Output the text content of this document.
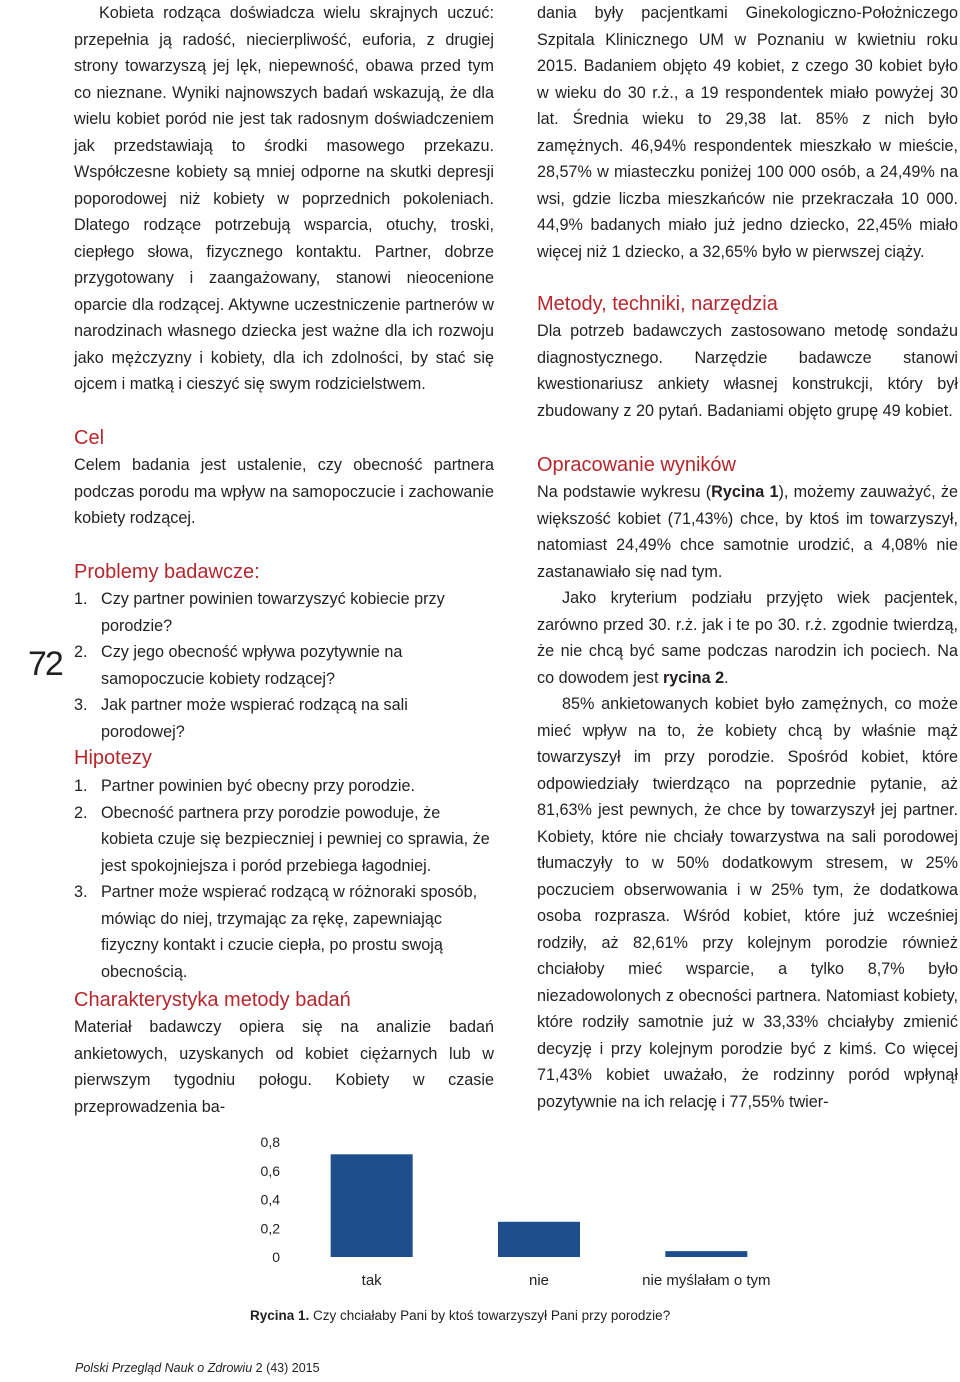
72

Kobieta rodząca doświadcza wielu skrajnych uczuć: przepełnia ją radość, niecierpliwość, euforia, z drugiej strony towarzyszą jej lęk, niepewność, obawa przed tym co nieznane. Wyniki najnowszych badań wskazują, że dla wielu kobiet poród nie jest tak radosnym doświadczeniem jak przedstawiają to środki masowego przekazu. Współczesne kobiety są mniej odporne na skutki depresji poporodowej niż kobiety w poprzednich pokoleniach. Dlatego rodzące potrzebują wsparcia, otuchy, troski, ciepłego słowa, fizycznego kontaktu. Partner, dobrze przygotowany i zaangażowany, stanowi nieocenione oparcie dla rodzącej. Aktywne uczestniczenie partnerów w narodzinach własnego dziecka jest ważne dla ich rozwoju jako mężczyzny i kobiety, dla ich zdolności, by stać się ojcem i matką i cieszyć się swym rodzicielstwem.

Cel

Celem badania jest ustalenie, czy obecność partnera podczas porodu ma wpływ na samopoczucie i zachowanie kobiety rodzącej.

Problemy badawcze:
1. Czy partner powinien towarzyszyć kobiecie przy porodzie?
2. Czy jego obecność wpływa pozytywnie na samopoczucie kobiety rodzącej?
3. Jak partner może wspierać rodzącą na sali porodowej?
Hipotezy
1. Partner powinien być obecny przy porodzie.
2. Obecność partnera przy porodzie powoduje, że kobieta czuje się bezpieczniej i pewniej co sprawia, że jest spokojniejsza i poród przebiega łagodniej.
3. Partner może wspierać rodzącą w różnoraki sposób, mówiąc do niej, trzymając za rękę, zapewniając fizyczny kontakt i czucie ciepła, po prostu swoją obecnością.
Charakterystyka metody badań

Materiał badawczy opiera się na analizie badań ankietowych, uzyskanych od kobiet ciężarnych lub w pierwszym tygodniu połogu. Kobiety w czasie przeprowadzenia ba-

dania były pacjentkami Ginekologiczno-Położniczego Szpitala Klinicznego UM w Poznaniu w kwietniu roku 2015. Badaniem objęto 49 kobiet, z czego 30 kobiet było w wieku do 30 r.ż., a 19 respondentek miało powyżej 30 lat. Średnia wieku to 29,38 lat. 85% z nich było zamężnych. 46,94% respondentek mieszkało w mieście, 28,57% w miasteczku poniżej 100 000 osób, a 24,49% na wsi, gdzie liczba mieszkańców nie przekraczała 10 000. 44,9% badanych miało już jedno dziecko, 22,45% miało więcej niż 1 dziecko, a 32,65% było w pierwszej ciąży.

Metody, techniki, narzędzia

Dla potrzeb badawczych zastosowano metodę sondażu diagnostycznego. Narzędzie badawcze stanowi kwestionariusz ankiety własnej konstrukcji, który był zbudowany z 20 pytań. Badaniami objęto grupę 49 kobiet.

Opracowanie wyników

Na podstawie wykresu (Rycina 1), możemy zauważyć, że większość kobiet (71,43%) chce, by ktoś im towarzyszył, natomiast 24,49% chce samotnie urodzić, a 4,08% nie zastanawiało się nad tym.

Jako kryterium podziału przyjęto wiek pacjentek, zarówno przed 30. r.ż. jak i te po 30. r.ż. zgodnie twierdzą, że nie chcą być same podczas narodzin ich pociech. Na co dowodem jest rycina 2.

85% ankietowanych kobiet było zamężnych, co może mieć wpływ na to, że kobiety chcą by właśnie mąż towarzyszył im przy porodzie. Spośród kobiet, które odpowiedziały twierdząco na poprzednie pytanie, aż 81,63% jest pewnych, że chce by towarzyszył jej partner. Kobiety, które nie chciały towarzystwa na sali porodowej tłumaczyły to w 50% dodatkowym stresem, w 25% poczuciem obserwowania i w 25% tym, że dodatkowa osoba rozprasza. Wśród kobiet, które już wcześniej rodziły, aż 82,61% przy kolejnym porodzie również chciałoby mieć wsparcie, a tylko 8,7% było niezadowolonych z obecności partnera. Natomiast kobiety, które rodziły samotnie już w 33,33% chciałyby zmienić decyzję i przy kolejnym porodzie być z kimś. Co więcej 71,43% kobiet uważało, że rodzinny poród wpłynął pozytywnie na ich relację i 77,55% twier-

0
0,2
0,4
0,6
0,8
tak	nie	nie myślałam o tym
Rycina 1. Czy chciałaby Pani by ktoś towarzyszył Pani przy porodzie?
Polski Przegląd Nauk o Zdrowiu 2 (43) 2015
